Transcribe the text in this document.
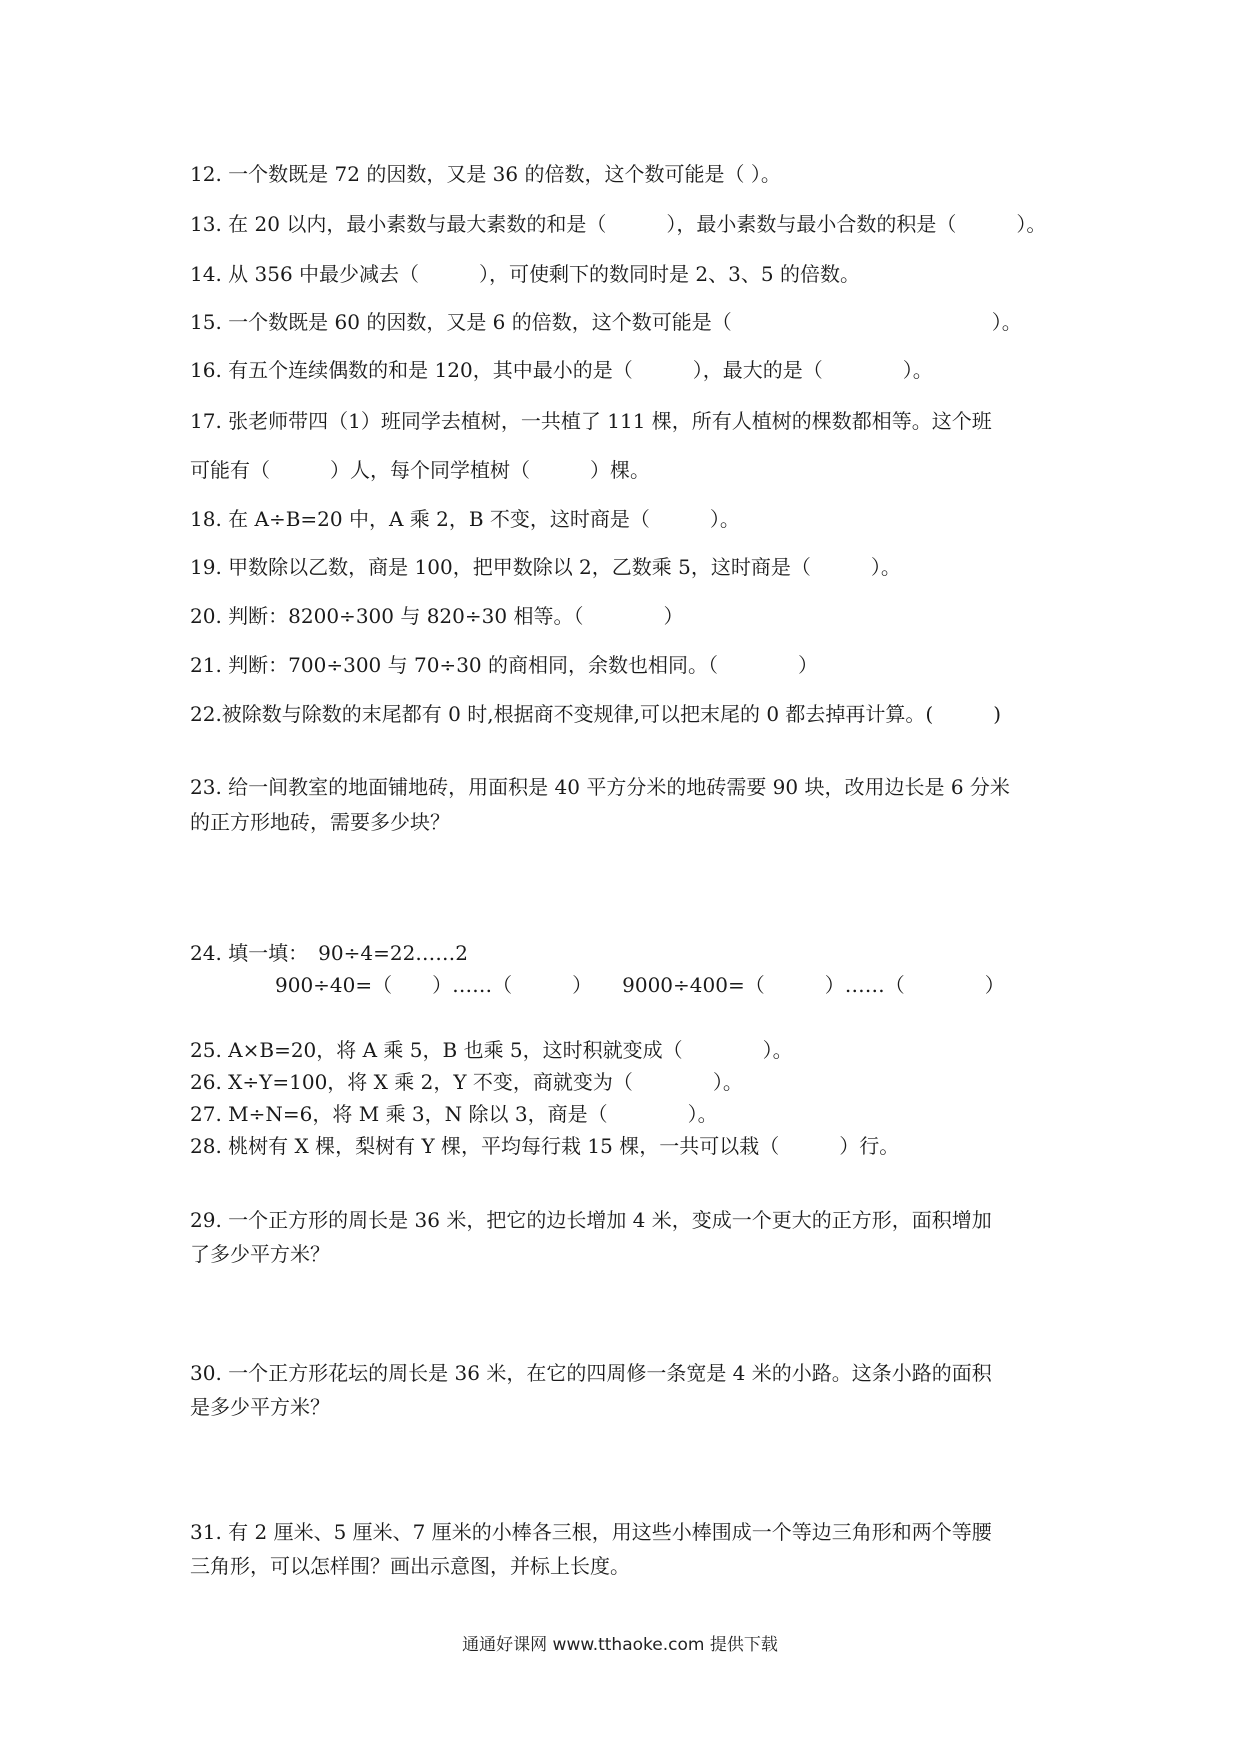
12. 一个数既是 72 的因数，又是 36 的倍数，这个数可能是（ ）。
13. 在 20 以内，最小素数与最大素数的和是（　　　），最小素数与最小合数的积是（　　　）。
14. 从 356 中最少减去（　　　），可使剩下的数同时是 2、3、5 的倍数。
15. 一个数既是 60 的因数，又是 6 的倍数，这个数可能是（　　　　　　　　　　　　　）。
16. 有五个连续偶数的和是 120，其中最小的是（　　　），最大的是（　　　　）。
17. 张老师带四（1）班同学去植树，一共植了 111 棵，所有人植树的棵数都相等。这个班
可能有（　　　）人，每个同学植树（　　　）棵。
18. 在 A÷B=20 中，A 乘 2，B 不变，这时商是（　　　）。
19. 甲数除以乙数，商是 100，把甲数除以 2，乙数乘 5，这时商是（　　　）。
20. 判断：8200÷300 与 820÷30 相等。（　　　　）
21. 判断：700÷300 与 70÷30 的商相同，余数也相同。（　　　　）
22.被除数与除数的末尾都有 0 时,根据商不变规律,可以把末尾的 0 都去掉再计算。(　　　)
23. 给一间教室的地面铺地砖，用面积是 40 平方分米的地砖需要 90 块，改用边长是 6 分米
的正方形地砖，需要多少块？
24. 填一填：　90÷4=22……2
900÷40=（　　）……（　　　）　　9000÷400=（　　　）……（　　　　）
25. A×B=20，将 A 乘 5，B 也乘 5，这时积就变成（　　　　）。
26. X÷Y=100，将 X 乘 2，Y 不变，商就变为（　　　　）。
27. M÷N=6，将 M 乘 3，N 除以 3，商是（　　　　）。
28. 桃树有 X 棵，梨树有 Y 棵，平均每行栽 15 棵，一共可以栽（　　　）行。
29. 一个正方形的周长是 36 米，把它的边长增加 4 米，变成一个更大的正方形，面积增加
了多少平方米？
30. 一个正方形花坛的周长是 36 米，在它的四周修一条宽是 4 米的小路。这条小路的面积
是多少平方米？
31. 有 2 厘米、5 厘米、7 厘米的小棒各三根，用这些小棒围成一个等边三角形和两个等腰
三角形，可以怎样围？画出示意图，并标上长度。
通通好课网 www.tthaoke.com 提供下载
